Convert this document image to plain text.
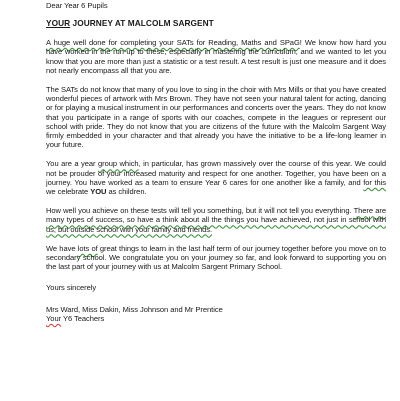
Dear Year 6 Pupils
YOUR JOURNEY AT MALCOLM SARGENT

A huge well done for completing your SATs for Reading, Maths and SPaG! We know how hard you have worked in the run-up to these, especially in mastering the curriculum, and we wanted to let you know that you are more than just a statistic or a test result. A test result is just one measure and it does not nearly encompass all that you are.

The SATs do not know that many of you love to sing in the choir with Mrs Mills or that you have created wonderful pieces of artwork with Mrs Brown. They have not seen your natural talent for acting, dancing or for playing a musical instrument in our performances and concerts over the years. They do not know that you participate in a range of sports with our coaches, compete in the leagues or represent our school with pride. They do not know that you are citizens of the future with the Malcolm Sargent Way firmly embedded in your character and that already you have the initiative to be a life-long learner in your future.

You are a year group which, in particular, has grown massively over the course of this year. We could not be prouder of your increased maturity and respect for one another. Together, you have been on a journey. You have worked as a team to ensure Year 6 cares for one another like a family, and for this we celebrate YOU as children.

How well you achieve on these tests will tell you something, but it will not tell you everything. There are many types of success, so have a think about all the things you have achieved, not just in school with us, but outside school with your family and friends.

We have lots of great things to learn in the last half term of our journey together before you move on to secondary school. We congratulate you on your journey so far, and look forward to supporting you on the last part of your journey with us at Malcolm Sargent Primary School.

Yours sincerely
Mrs Ward, Miss Dakin, Miss Johnson and Mr Prentice
Your Y6 Teachers
